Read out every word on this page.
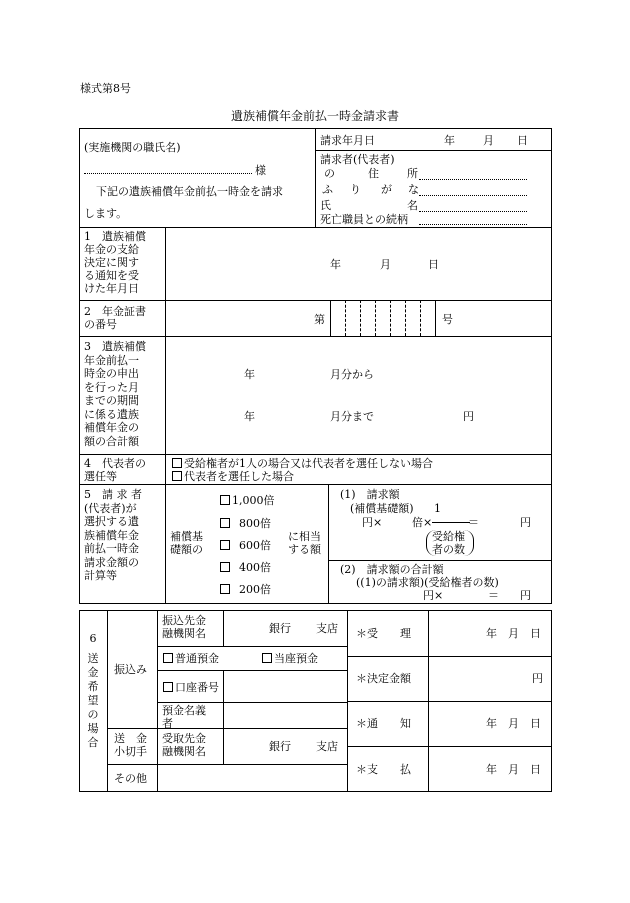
様式第8号
遺族補償年金前払一時金請求書
(実施機関の職氏名)
様
下記の遺族補償年金前払一時金を請求
します。
請求年月日	年	月 日
請求者(代表者)
の	住	所
ふ り が な
氏	名
死亡職員との続柄
1　遺族補償
年金の支給
決定に関す
る通知を受
けた年月日
年	月	日
2　年金証書
の番号	第	号
3　遺族補償
年金前払一
時金の申出
を行った月
までの期間
に係る遺族
補償年金の
額の合計額
年	月分から
年	月分まで	円
4　代表者の
選任等
受給権者が1人の場合又は代表者を選任しない場合
代表者を選任した場合
5　請 求 者
(代表者)が
選択する遺
族補償年金
前払一時金
請求金額の
計算等
補償基
礎額の
1,000倍
800倍
600倍
400倍
200倍
に相当
する額
(1)　請求額
(補償基礎額) 1
円×	倍×	＝	円
受給権
者の数
(2)　請求額の合計額
((1)の請求額)(受給権者の数)
円×	＝ 円
6
送
金
希
望
の
場
合
振込み
振込先金
融機関名	銀行 支店
普通預金	当座預金
口座番号
預金名義
者
送　金
小切手
受取先金
融機関名	銀行 支店
その他
＊受　　理	年　月　日
＊決定金額	円
＊通　　知	年　月　日
＊支　　払	年　月　日
